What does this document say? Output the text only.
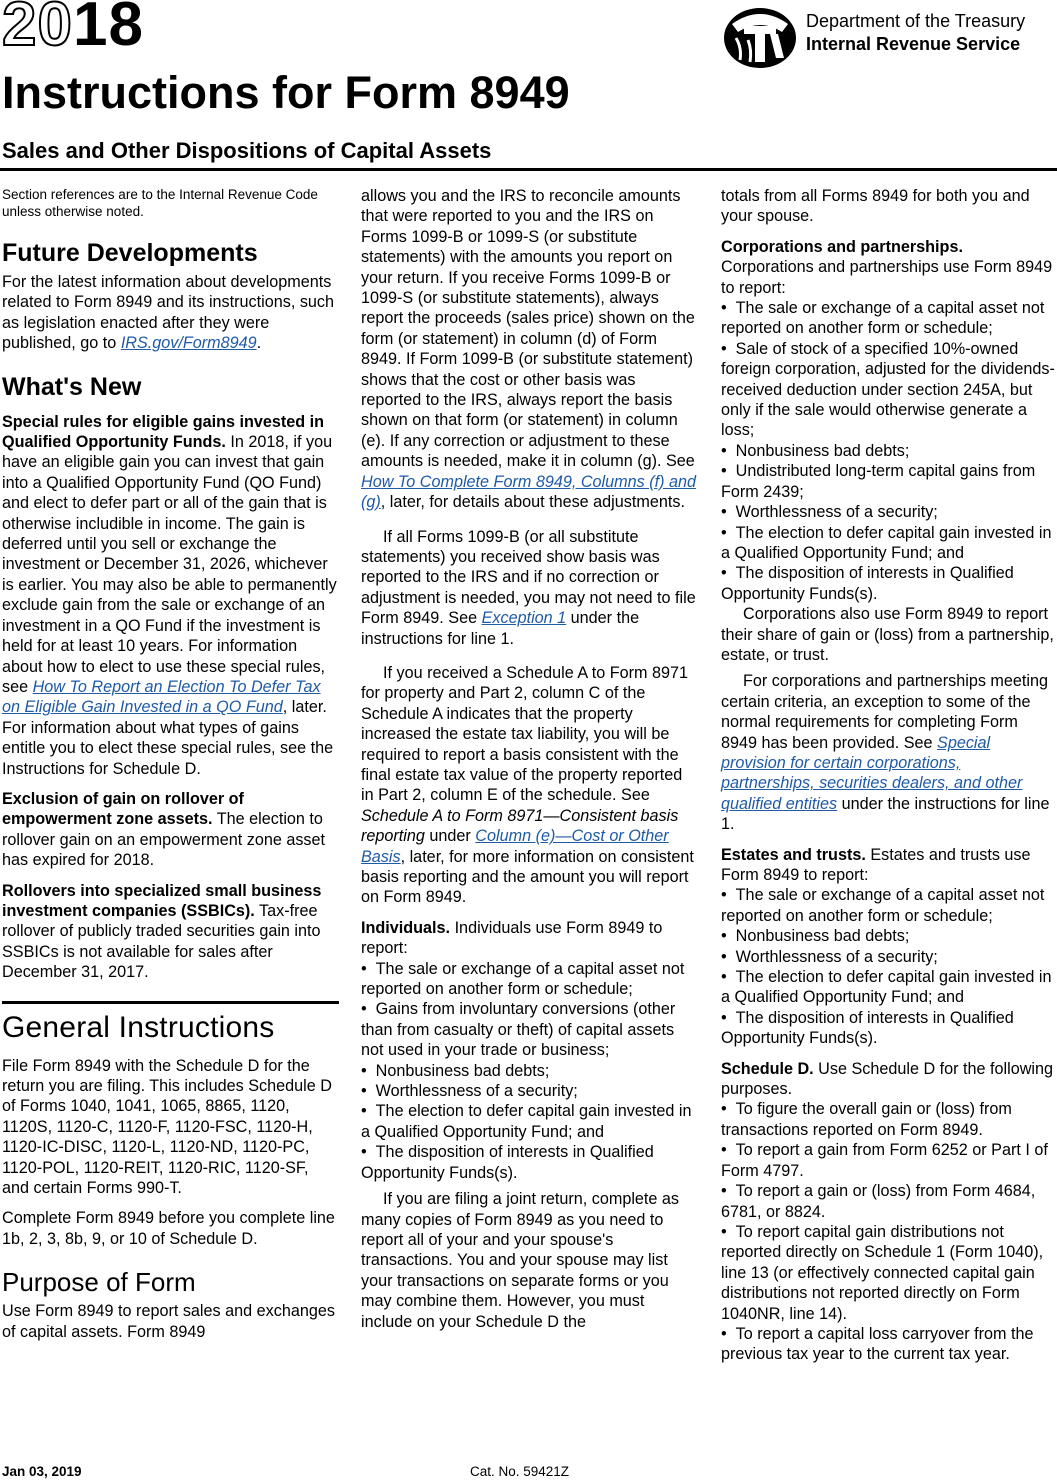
2018	Department of the Treasury
Internal Revenue Service
Instructions for Form 8949
Sales and Other Dispositions of Capital Assets

Section references are to the Internal Revenue Code unless otherwise noted.

Future Developments

For the latest information about developments related to Form 8949 and its instructions, such as legislation enacted after they were published, go to IRS.gov/Form8949.

What's New

Special rules for eligible gains invested in Qualified Opportunity Funds. In 2018, if you have an eligible gain you can invest that gain into a Qualified Opportunity Fund (QO Fund) and elect to defer part or all of the gain that is otherwise includible in income. The gain is deferred until you sell or exchange the investment or December 31, 2026, whichever is earlier. You may also be able to permanently exclude gain from the sale or exchange of an investment in a QO Fund if the investment is held for at least 10 years. For information about how to elect to use these special rules, see How To Report an Election To Defer Tax on Eligible Gain Invested in a QO Fund, later. For information about what types of gains entitle you to elect these special rules, see the Instructions for Schedule D.

Exclusion of gain on rollover of empowerment zone assets. The election to rollover gain on an empowerment zone asset has expired for 2018.

Rollovers into specialized small business investment companies (SSBICs). Tax-free rollover of publicly traded securities gain into SSBICs is not available for sales after December 31, 2017.

General Instructions

File Form 8949 with the Schedule D for the return you are filing. This includes Schedule D of Forms 1040, 1041, 1065, 8865, 1120, 1120S, 1120-C, 1120-F, 1120-FSC, 1120-H, 1120-IC-DISC, 1120-L, 1120-ND, 1120-PC, 1120-POL, 1120-REIT, 1120-RIC, 1120-SF, and certain Forms 990-T.

Complete Form 8949 before you complete line 1b, 2, 3, 8b, 9, or 10 of Schedule D.

Purpose of Form

Use Form 8949 to report sales and exchanges of capital assets. Form 8949

allows you and the IRS to reconcile amounts that were reported to you and the IRS on Forms 1099-B or 1099-S (or substitute statements) with the amounts you report on your return. If you receive Forms 1099-B or 1099-S (or substitute statements), always report the proceeds (sales price) shown on the form (or statement) in column (d) of Form 8949. If Form 1099-B (or substitute statement) shows that the cost or other basis was reported to the IRS, always report the basis shown on that form (or statement) in column (e). If any correction or adjustment to these amounts is needed, make it in column (g). See How To Complete Form 8949, Columns (f) and (g), later, for details about these adjustments.

If all Forms 1099-B (or all substitute statements) you received show basis was reported to the IRS and if no correction or adjustment is needed, you may not need to file Form 8949. See Exception 1 under the instructions for line 1.

If you received a Schedule A to Form 8971 for property and Part 2, column C of the Schedule A indicates that the property increased the estate tax liability, you will be required to report a basis consistent with the final estate tax value of the property reported in Part 2, column E of the schedule. See Schedule A to Form 8971—Consistent basis reporting under Column (e)—Cost or Other Basis, later, for more information on consistent basis reporting and the amount you will report on Form 8949.

Individuals. Individuals use Form 8949 to report:

•  The sale or exchange of a capital asset not reported on another form or schedule;

•  Gains from involuntary conversions (other than from casualty or theft) of capital assets not used in your trade or business;

•  Nonbusiness bad debts;

•  Worthlessness of a security;

•  The election to defer capital gain invested in a Qualified Opportunity Fund; and

•  The disposition of interests in Qualified Opportunity Funds(s).

If you are filing a joint return, complete as many copies of Form 8949 as you need to report all of your and your spouse's transactions. You and your spouse may list your transactions on separate forms or you may combine them. However, you must include on your Schedule D the

totals from all Forms 8949 for both you and your spouse.

Corporations and partnerships. Corporations and partnerships use Form 8949 to report:

•  The sale or exchange of a capital asset not reported on another form or schedule;

•  Sale of stock of a specified 10%-owned foreign corporation, adjusted for the dividends-received deduction under section 245A, but only if the sale would otherwise generate a loss;

•  Nonbusiness bad debts;

•  Undistributed long-term capital gains from Form 2439;

•  Worthlessness of a security;

•  The election to defer capital gain invested in a Qualified Opportunity Fund; and

•  The disposition of interests in Qualified Opportunity Funds(s).

Corporations also use Form 8949 to report their share of gain or (loss) from a partnership, estate, or trust.

For corporations and partnerships meeting certain criteria, an exception to some of the normal requirements for completing Form 8949 has been provided. See Special provision for certain corporations, partnerships, securities dealers, and other qualified entities under the instructions for line 1.

Estates and trusts. Estates and trusts use Form 8949 to report:

•  The sale or exchange of a capital asset not reported on another form or schedule;

•  Nonbusiness bad debts;

•  Worthlessness of a security;

•  The election to defer capital gain invested in a Qualified Opportunity Fund; and

•  The disposition of interests in Qualified Opportunity Funds(s).

Schedule D. Use Schedule D for the following purposes.

•  To figure the overall gain or (loss) from transactions reported on Form 8949.

•  To report a gain from Form 6252 or Part I of Form 4797.

•  To report a gain or (loss) from Form 4684, 6781, or 8824.

•  To report capital gain distributions not reported directly on Schedule 1 (Form 1040), line 13 (or effectively connected capital gain distributions not reported directly on Form 1040NR, line 14).

•  To report a capital loss carryover from the previous tax year to the current tax year.

Jan 03, 2019	Cat. No. 59421Z
